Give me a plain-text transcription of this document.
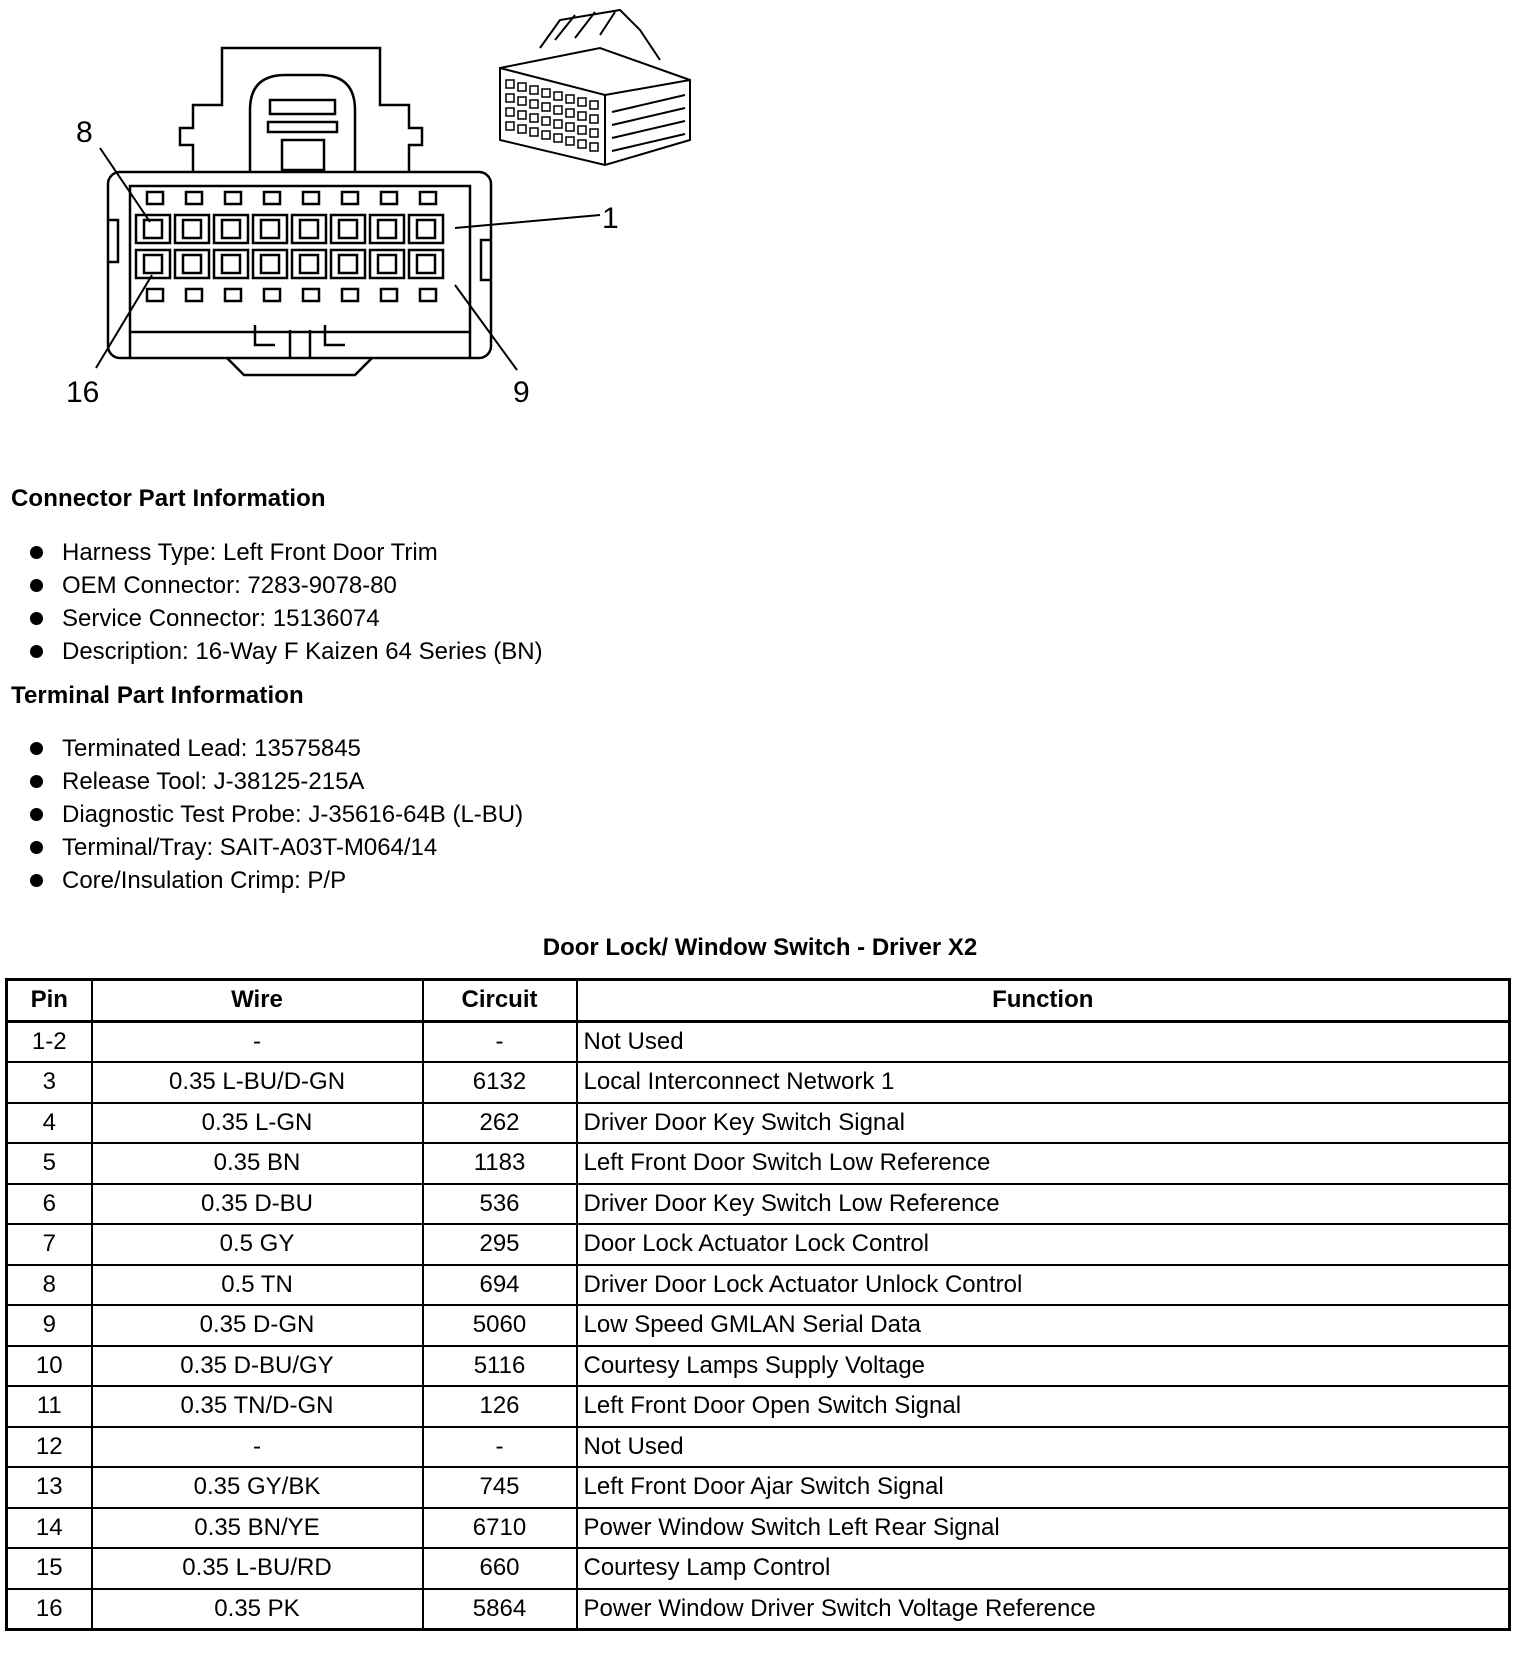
8
1
16	9
Connector Part Information
Harness Type: Left Front Door Trim
OEM Connector: 7283-9078-80
Service Connector: 15136074
Description: 16-Way F Kaizen 64 Series (BN)
Terminal Part Information
Terminated Lead: 13575845
Release Tool: J-38125-215A
Diagnostic Test Probe: J-35616-64B (L-BU)
Terminal/Tray: SAIT-A03T-M064/14
Core/Insulation Crimp: P/P
Door Lock/ Window Switch - Driver X2
Pin	Wire	Circuit	Function
1-2	-	-	Not Used
3	0.35 L-BU/D-GN	6132	Local Interconnect Network 1
4	0.35 L-GN	262	Driver Door Key Switch Signal
5	0.35 BN	1183	Left Front Door Switch Low Reference
6	0.35 D-BU	536	Driver Door Key Switch Low Reference
7	0.5 GY	295	Door Lock Actuator Lock Control
8	0.5 TN	694	Driver Door Lock Actuator Unlock Control
9	0.35 D-GN	5060	Low Speed GMLAN Serial Data
10	0.35 D-BU/GY	5116	Courtesy Lamps Supply Voltage
11	0.35 TN/D-GN	126	Left Front Door Open Switch Signal
12	-	-	Not Used
13	0.35 GY/BK	745	Left Front Door Ajar Switch Signal
14	0.35 BN/YE	6710	Power Window Switch Left Rear Signal
15	0.35 L-BU/RD	660	Courtesy Lamp Control
16	0.35 PK	5864	Power Window Driver Switch Voltage Reference
